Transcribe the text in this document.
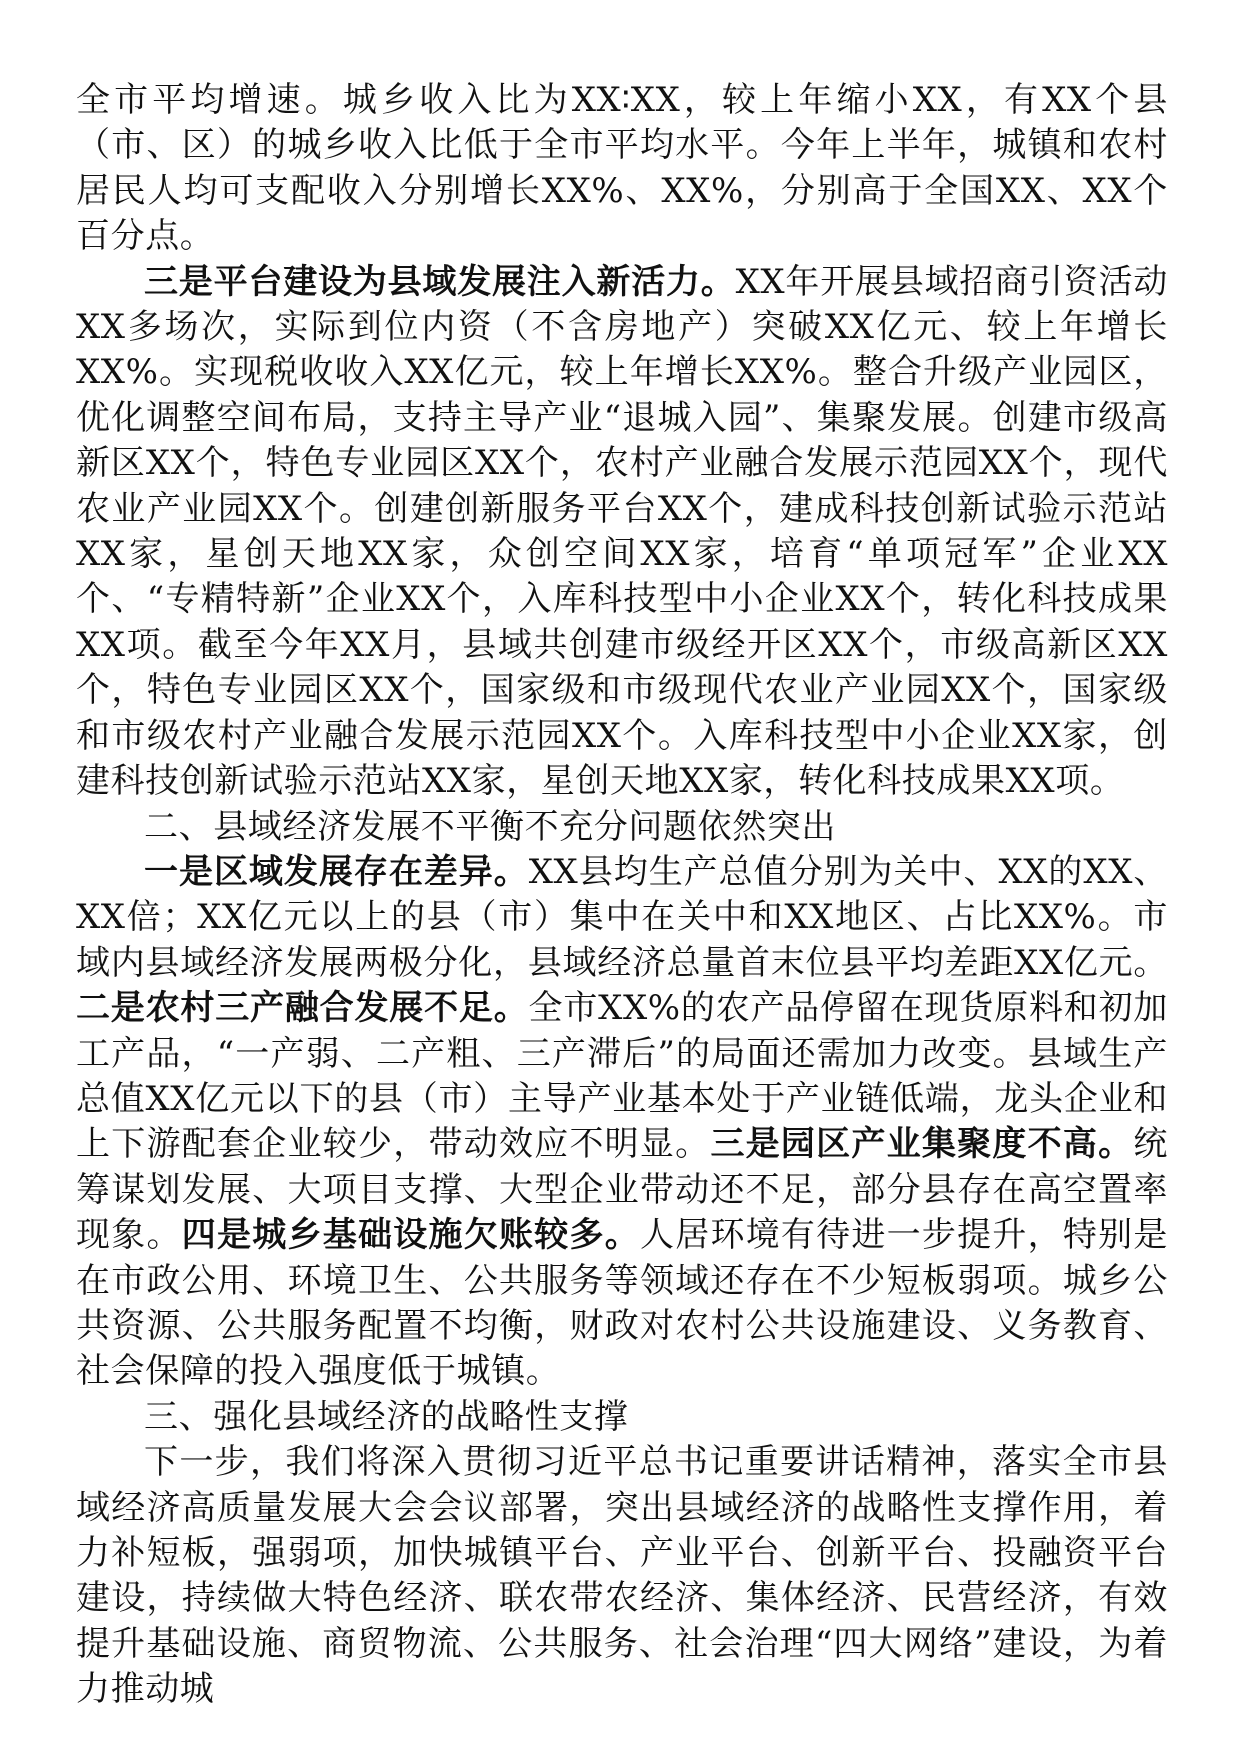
全市平均增速。城乡收入比为XX∶XX，较上年缩小XX，有XX个县（市、区）的城乡收入比低于全市平均水平。今年上半年，城镇和农村居民人均可支配收入分别增长XX%、XX%，分别高于全国XX、XX个百分点。

三是平台建设为县域发展注入新活力。XX年开展县域招商引资活动XX多场次，实际到位内资（不含房地产）突破XX亿元、较上年增长XX%。实现税收收入XX亿元，较上年增长XX%。整合升级产业园区，优化调整空间布局，支持主导产业“退城入园”、集聚发展。创建市级高新区XX个，特色专业园区XX个，农村产业融合发展示范园XX个，现代农业产业园XX个。创建创新服务平台XX个，建成科技创新试验示范站XX家，星创天地XX家，众创空间XX家，培育“单项冠军”企业XX个、“专精特新”企业XX个，入库科技型中小企业XX个，转化科技成果XX项。截至今年XX月，县域共创建市级经开区XX个，市级高新区XX个，特色专业园区XX个，国家级和市级现代农业产业园XX个，国家级和市级农村产业融合发展示范园XX个。入库科技型中小企业XX家，创建科技创新试验示范站XX家，星创天地XX家，转化科技成果XX项。

二、县域经济发展不平衡不充分问题依然突出

一是区域发展存在差异。XX县均生产总值分别为关中、XX的XX、XX倍；XX亿元以上的县（市）集中在关中和XX地区、占比XX%。市域内县域经济发展两极分化，县域经济总量首末位县平均差距XX亿元。二是农村三产融合发展不足。全市XX%的农产品停留在现货原料和初加工产品，“一产弱、二产粗、三产滞后”的局面还需加力改变。县域生产总值XX亿元以下的县（市）主导产业基本处于产业链低端，龙头企业和上下游配套企业较少，带动效应不明显。三是园区产业集聚度不高。统筹谋划发展、大项目支撑、大型企业带动还不足，部分县存在高空置率现象。四是城乡基础设施欠账较多。人居环境有待进一步提升，特别是在市政公用、环境卫生、公共服务等领域还存在不少短板弱项。城乡公共资源、公共服务配置不均衡，财政对农村公共设施建设、义务教育、社会保障的投入强度低于城镇。

三、强化县域经济的战略性支撑

下一步，我们将深入贯彻习近平总书记重要讲话精神，落实全市县域经济高质量发展大会会议部署，突出县域经济的战略性支撑作用，着力补短板，强弱项，加快城镇平台、产业平台、创新平台、投融资平台建设，持续做大特色经济、联农带农经济、集体经济、民营经济，有效提升基础设施、商贸物流、公共服务、社会治理“四大网络”建设，为着力推动城
